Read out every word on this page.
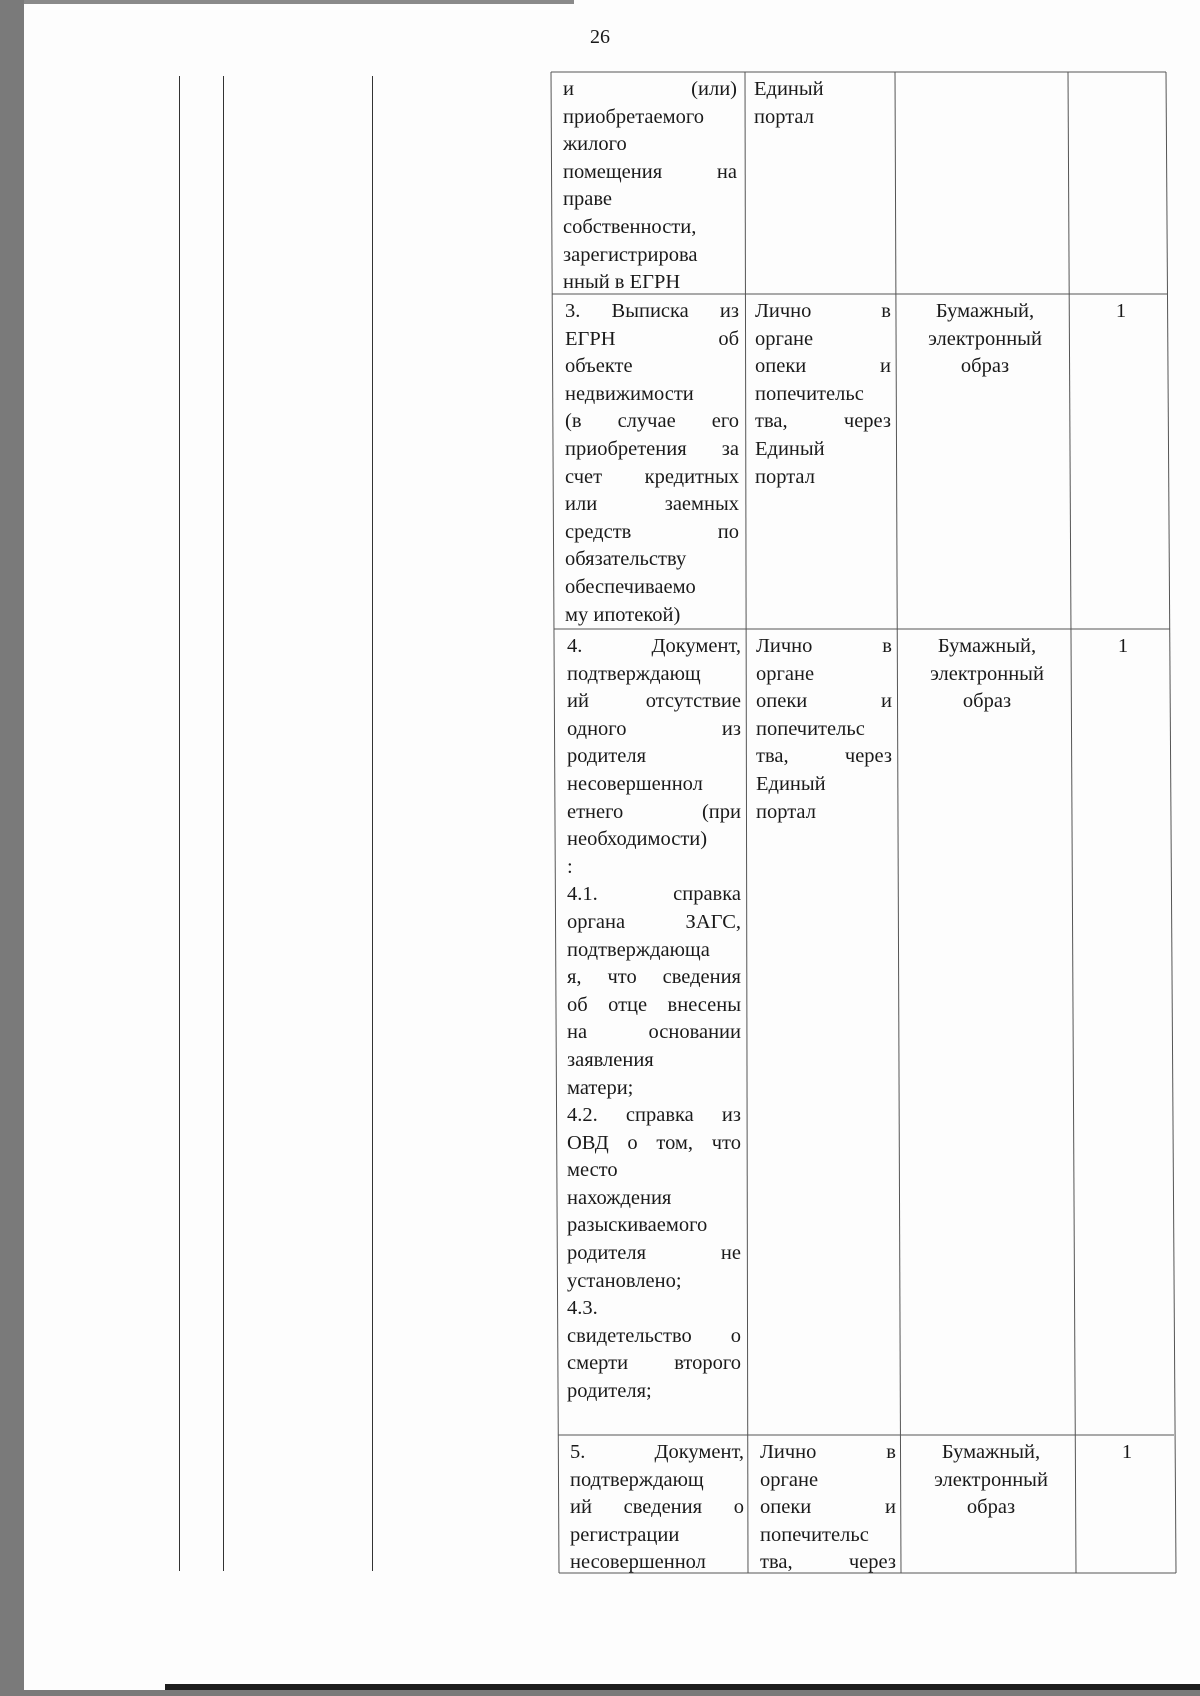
26
и (или)
приобретаемого
жилого
помещения на
праве
собственности,
зарегистрирова
нный в ЕГРН
Единый
портал
3. Выписка из
ЕГРН об
объекте
недвижимости
(в случае его
приобретения за
счет кредитных
или заемных
средств по
обязательству
обеспечиваемо
му ипотекой)
Лично в
органе
опеки и
попечительс
тва, через
Единый
портал
Бумажный,
электронный
образ
1
4. Документ,
подтверждающ
ий отсутствие
одного из
родителя
несовершеннол
етнего (при
необходимости)
:
4.1. справка
органа ЗАГС,
подтверждающа
я, что сведения
об отце внесены
на основании
заявления
матери;
4.2. справка из
ОВД о том, что
место
нахождения
разыскиваемого
родителя не
установлено;
4.3.
свидетельство о
смерти второго
родителя;
Лично в
органе
опеки и
попечительс
тва, через
Единый
портал
Бумажный,
электронный
образ
1
5. Документ,
подтверждающ
ий сведения о
регистрации
несовершеннол
Лично в
органе
опеки и
попечительс
тва, через
Бумажный,
электронный
образ
1
